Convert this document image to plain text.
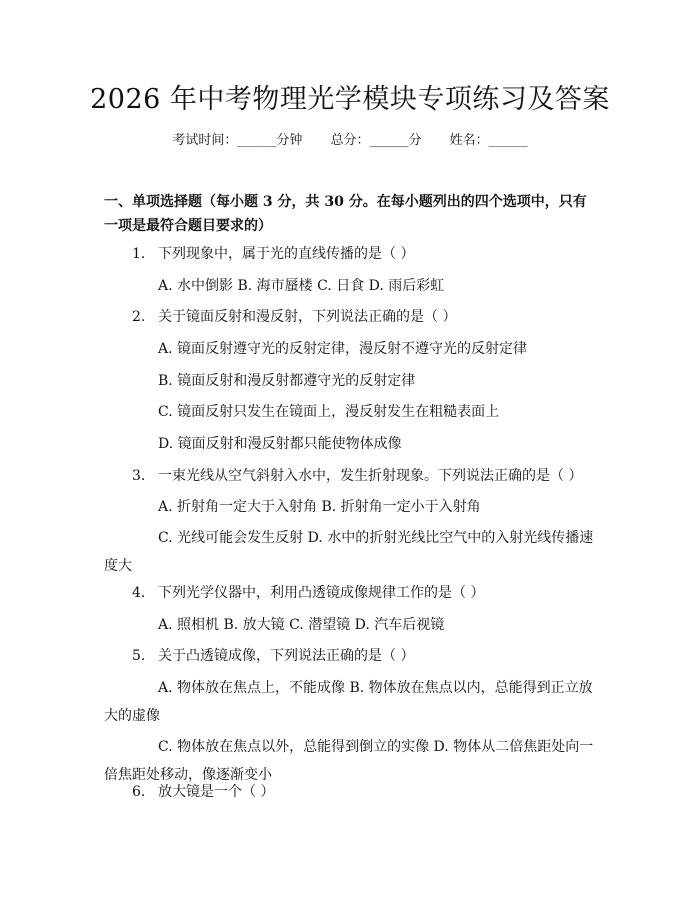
2026 年中考物理光学模块专项练习及答案
考试时间：______分钟 总分：______分 姓名：______
一、单项选择题（每小题 3 分，共 30 分。在每小题列出的四个选项中，只有一项是最符合题目要求的）
1. 下列现象中，属于光的直线传播的是（ ）
A. 水中倒影 B. 海市蜃楼 C. 日食 D. 雨后彩虹
2. 关于镜面反射和漫反射，下列说法正确的是（ ）
A. 镜面反射遵守光的反射定律，漫反射不遵守光的反射定律
B. 镜面反射和漫反射都遵守光的反射定律
C. 镜面反射只发生在镜面上，漫反射发生在粗糙表面上
D. 镜面反射和漫反射都只能使物体成像
3. 一束光线从空气斜射入水中，发生折射现象。下列说法正确的是（ ）
A. 折射角一定大于入射角 B. 折射角一定小于入射角
C. 光线可能会发生反射 D. 水中的折射光线比空气中的入射光线传播速度大
4. 下列光学仪器中，利用凸透镜成像规律工作的是（ ）
A. 照相机 B. 放大镜 C. 潜望镜 D. 汽车后视镜
5. 关于凸透镜成像，下列说法正确的是（ ）
A. 物体放在焦点上，不能成像 B. 物体放在焦点以内，总能得到正立放大的虚像
C. 物体放在焦点以外，总能得到倒立的实像 D. 物体从二倍焦距处向一倍焦距处移动，像逐渐变小
6. 放大镜是一个（ ）
